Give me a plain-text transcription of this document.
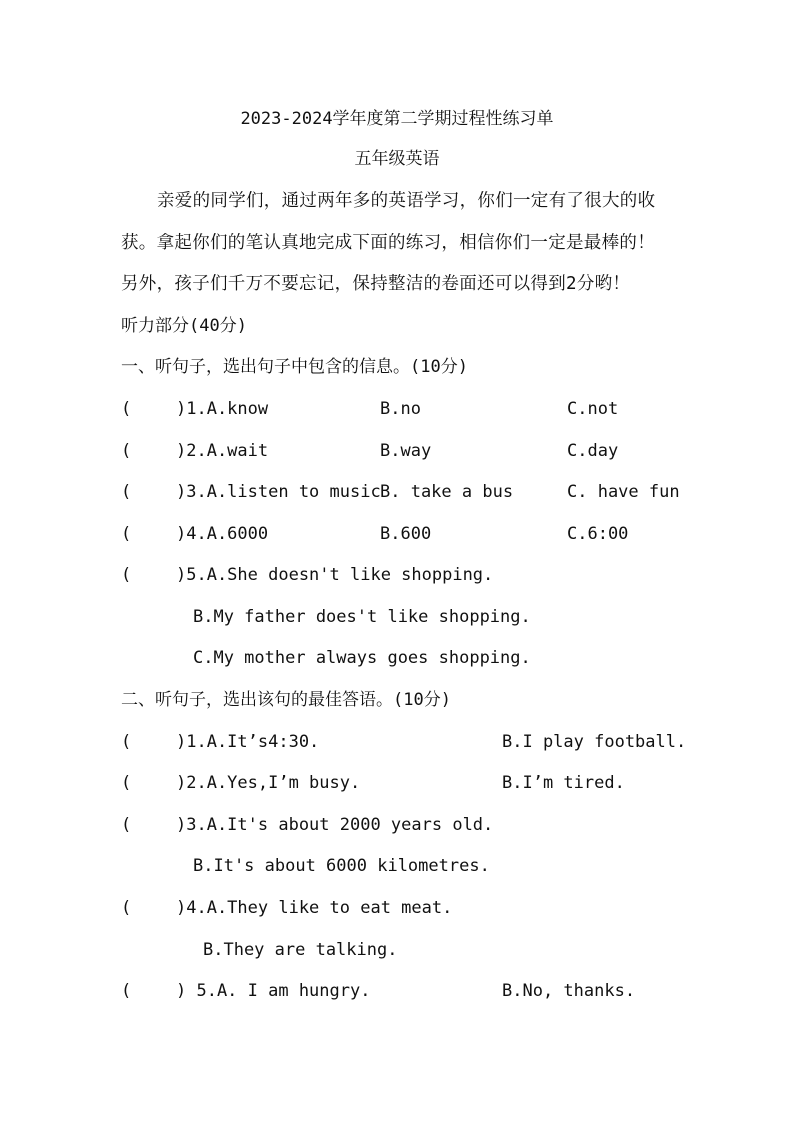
2023-2024学年度第二学期过程性练习单
五年级英语
亲爱的同学们，通过两年多的英语学习，你们一定有了很大的收
获。拿起你们的笔认真地完成下面的练习，相信你们一定是最棒的！
另外，孩子们千万不要忘记，保持整洁的卷面还可以得到2分哟！
听力部分(40分)
一、听句子，选出句子中包含的信息。(10分)
(	)1.A.know	B.no	C.not
(	)2.A.wait	B.way	C.day
(	)3.A.listen to music B. take a bus	C. have fun
(	)4.A.6000	B.600	C.6:00
(	)5.A.She doesn't like shopping.
B.My father does't like shopping.
C.My mother always goes shopping.
二、听句子，选出该句的最佳答语。(10分)
(	)1.A.It’s4:30.	B.I play football.
(	)2.A.Yes,I’m busy.	B.I’m tired.
(	)3.A.It's about 2000 years old.
B.It's about 6000 kilometres.
(	)4.A.They like to eat meat.
B.They are talking.
(	) 5.A. I am hungry.	B.No, thanks.
